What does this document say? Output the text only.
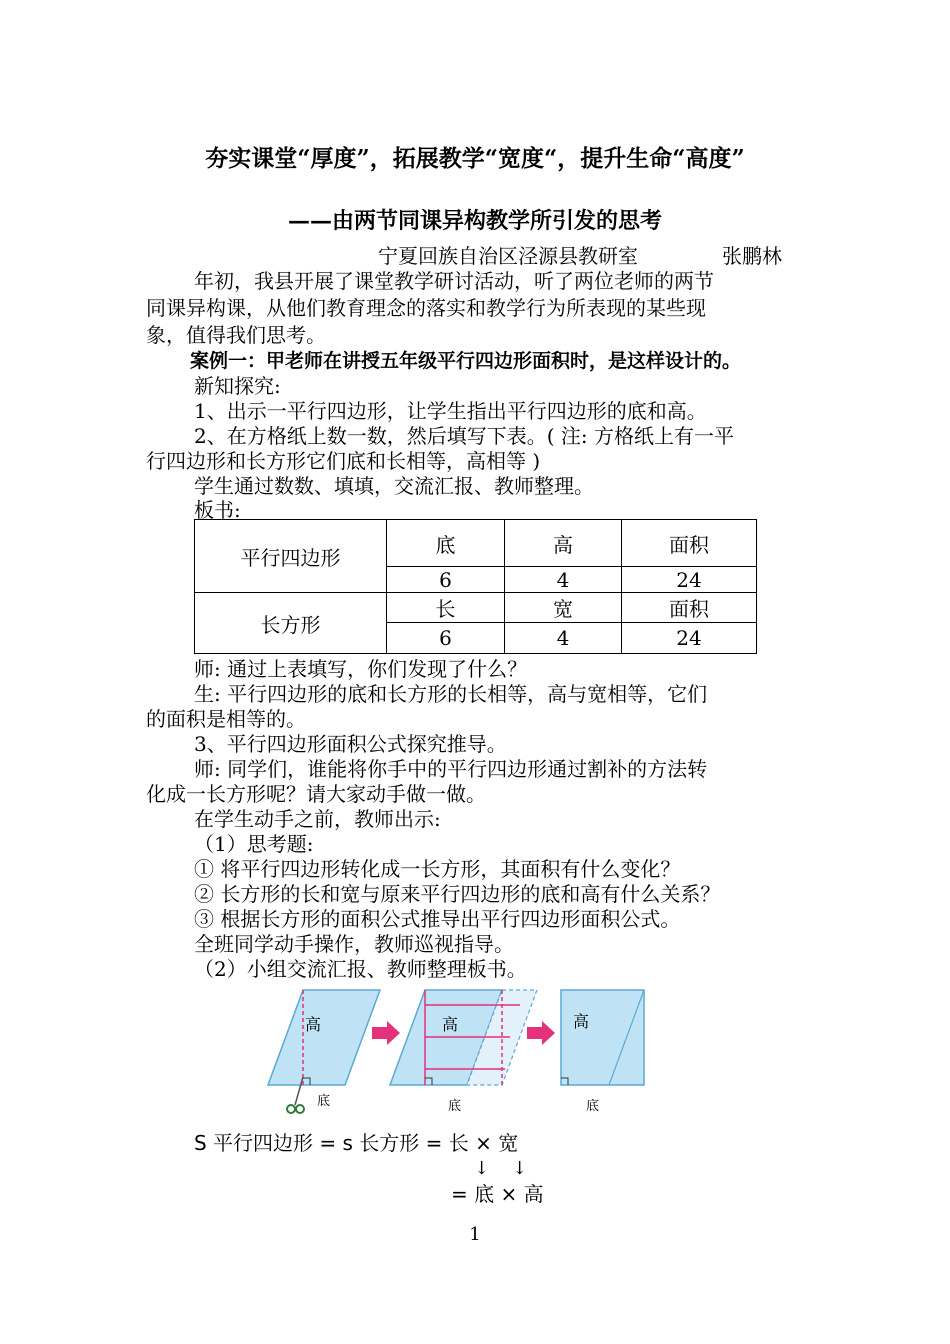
夯实课堂“厚度”，拓展教学“宽度“，提升生命“高度”
——由两节同课异构教学所引发的思考
宁夏回族自治区泾源县教研室	张鹏林
年初，我县开展了课堂教学研讨活动，听了两位老师的两节
同课异构课，从他们教育理念的落实和教学行为所表现的某些现
象，值得我们思考。
案例一：甲老师在讲授五年级平行四边形面积时，是这样设计的。
新知探究:
1、出示一平行四边形，让学生指出平行四边形的底和高。
2、在方格纸上数一数，然后填写下表。( 注: 方格纸上有一平
行四边形和长方形它们底和长相等，高相等 )
学生通过数数、填填，交流汇报、教师整理。
板书:
平行四边形	底	高	面积
	6	4	24
长方形	长	宽	面积
	6	4	24
师: 通过上表填写，你们发现了什么？
生: 平行四边形的底和长方形的长相等，高与宽相等，它们
的面积是相等的。
3、平行四边形面积公式探究推导。
师: 同学们，谁能将你手中的平行四边形通过割补的方法转
化成一长方形呢？请大家动手做一做。
在学生动手之前，教师出示:
（1）思考题:
① 将平行四边形转化成一长方形，其面积有什么变化？
② 长方形的长和宽与原来平行四边形的底和高有什么关系？
③ 根据长方形的面积公式推导出平行四边形面积公式。
全班同学动手操作，教师巡视指导。
（2）小组交流汇报、教师整理板书。
高
底
高
底
高
底
S 平行四边形 = s 长方形 = 长 × 宽
↓    ↓
= 底 × 高
1
